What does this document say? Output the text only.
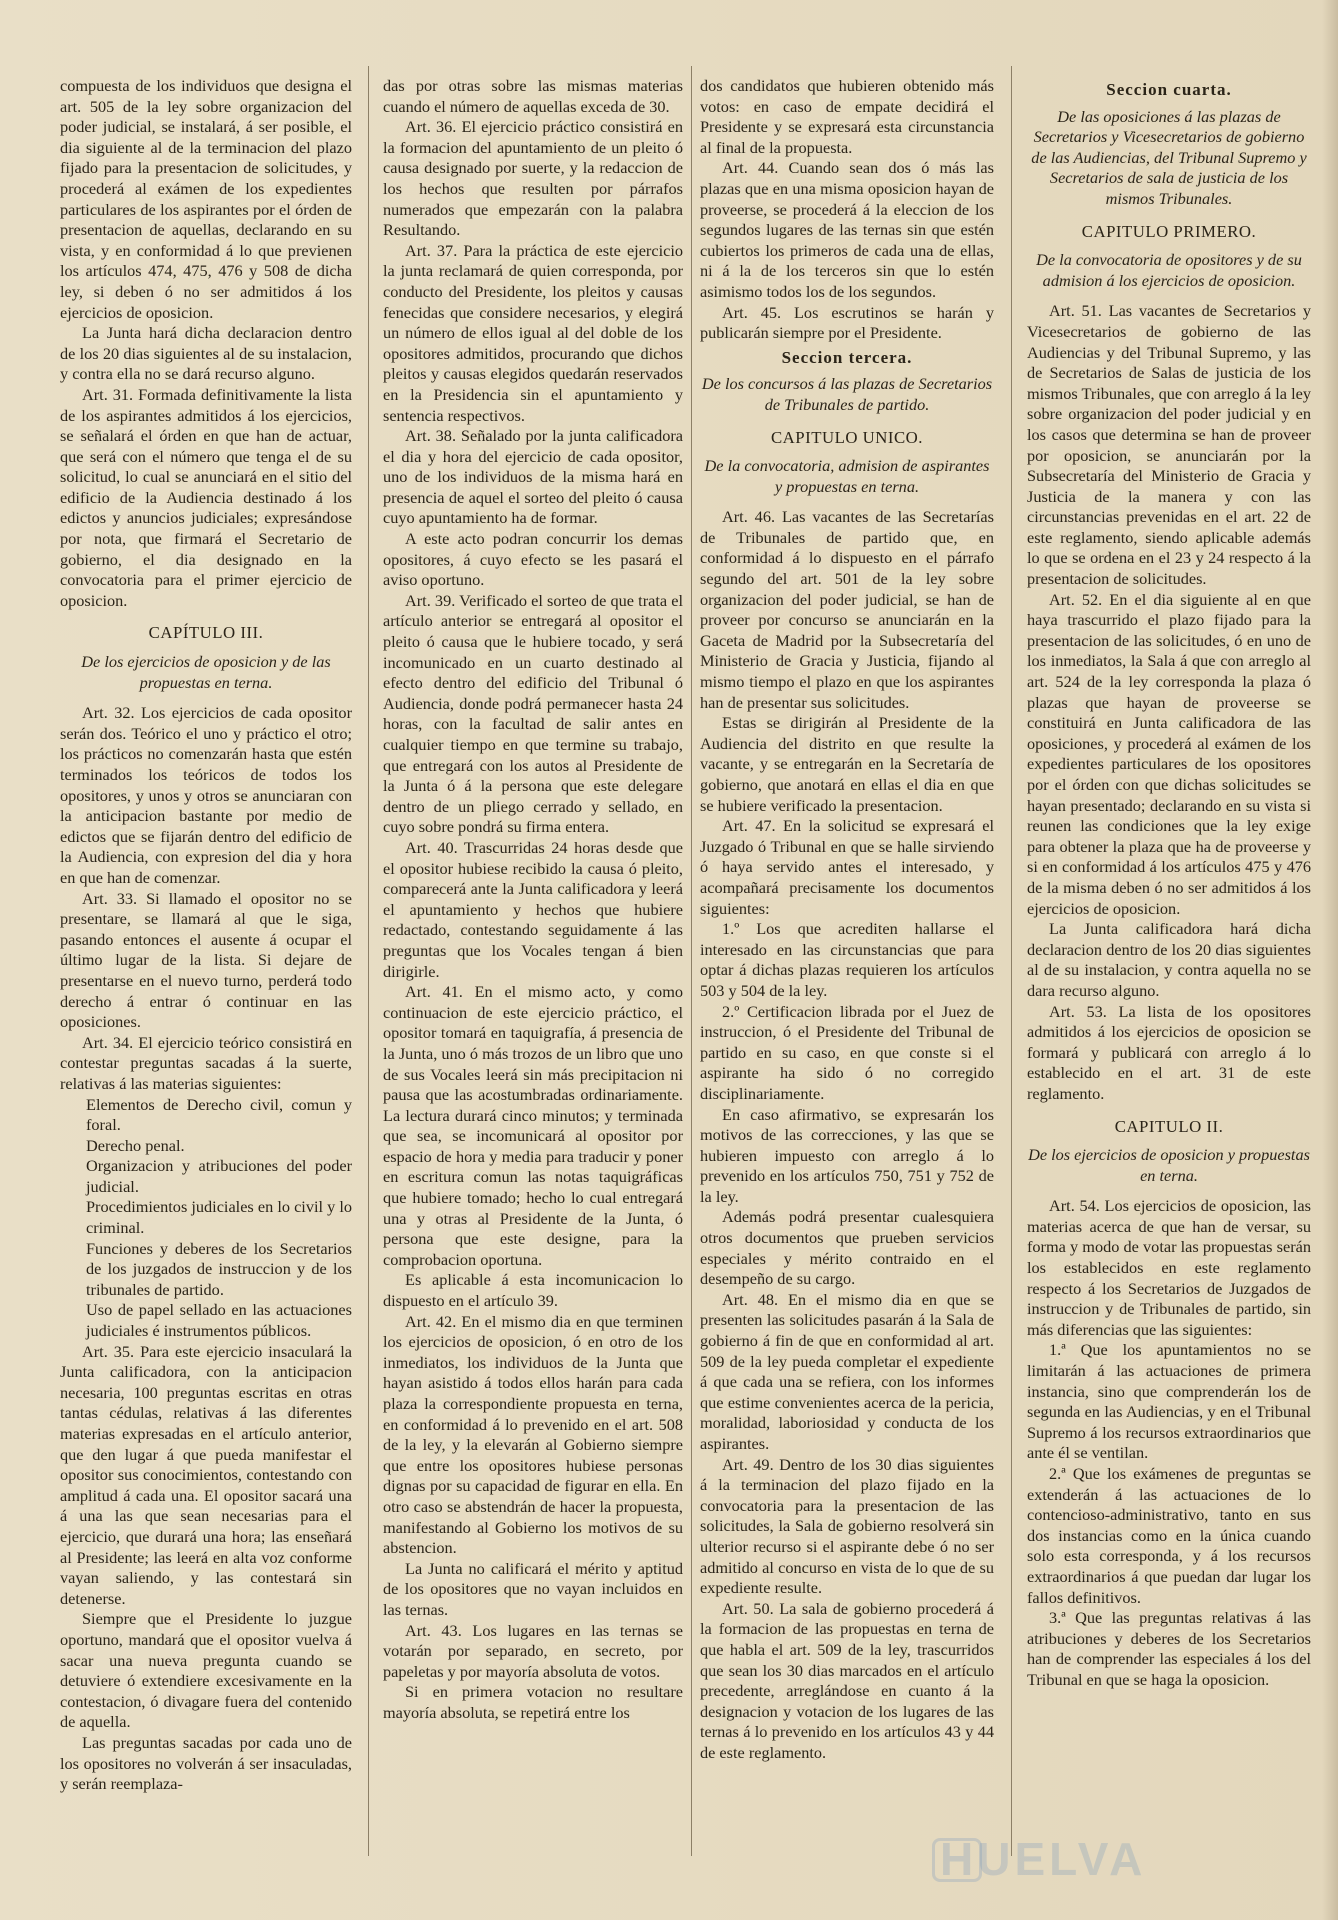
compuesta de los individuos que designa el art. 505 de la ley sobre organizacion del poder judicial, se instalará, á ser posible, el dia siguiente al de la terminacion del plazo fijado para la presentacion de solicitudes, y procederá al exámen de los expedientes particulares de los aspirantes por el órden de presentacion de aquellas, declarando en su vista, y en conformidad á lo que previenen los artículos 474, 475, 476 y 508 de dicha ley, si deben ó no ser admitidos á los ejercicios de oposicion.

La Junta hará dicha declaracion dentro de los 20 dias siguientes al de su instalacion, y contra ella no se dará recurso alguno.

Art. 31. Formada definitivamente la lista de los aspirantes admitidos á los ejercicios, se señalará el órden en que han de actuar, que será con el número que tenga el de su solicitud, lo cual se anunciará en el sitio del edificio de la Audiencia destinado á los edictos y anuncios judiciales; expresándose por nota, que firmará el Secretario de gobierno, el dia designado en la convocatoria para el primer ejercicio de oposicion.

CAPÍTULO III.
De los ejercicios de oposicion y de las propuestas en terna.

Art. 32. Los ejercicios de cada opositor serán dos. Teórico el uno y práctico el otro; los prácticos no comenzarán hasta que estén terminados los teóricos de todos los opositores, y unos y otros se anunciaran con la anticipacion bastante por medio de edictos que se fijarán dentro del edificio de la Audiencia, con expresion del dia y hora en que han de comenzar.

Art. 33. Si llamado el opositor no se presentare, se llamará al que le siga, pasando entonces el ausente á ocupar el último lugar de la lista. Si dejare de presentarse en el nuevo turno, perderá todo derecho á entrar ó continuar en las oposiciones.

Art. 34. El ejercicio teórico consistirá en contestar preguntas sacadas á la suerte, relativas á las materias siguientes:

Elementos de Derecho civil, comun y foral.

Derecho penal.

Organizacion y atribuciones del poder judicial.

Procedimientos judiciales en lo civil y lo criminal.

Funciones y deberes de los Secretarios de los juzgados de instruccion y de los tribunales de partido.

Uso de papel sellado en las actuaciones judiciales é instrumentos públicos.

Art. 35. Para este ejercicio insaculará la Junta calificadora, con la anticipacion necesaria, 100 preguntas escritas en otras tantas cédulas, relativas á las diferentes materias expresadas en el artículo anterior, que den lugar á que pueda manifestar el opositor sus conocimientos, contestando con amplitud á cada una. El opositor sacará una á una las que sean necesarias para el ejercicio, que durará una hora; las enseñará al Presidente; las leerá en alta voz conforme vayan saliendo, y las contestará sin detenerse.

Siempre que el Presidente lo juzgue oportuno, mandará que el opositor vuelva á sacar una nueva pregunta cuando se detuviere ó extendiere excesivamente en la contestacion, ó divagare fuera del contenido de aquella.

Las preguntas sacadas por cada uno de los opositores no volverán á ser insaculadas, y serán reemplaza-

das por otras sobre las mismas materias cuando el número de aquellas exceda de 30.

Art. 36. El ejercicio práctico consistirá en la formacion del apuntamiento de un pleito ó causa designado por suerte, y la redaccion de los hechos que resulten por párrafos numerados que empezarán con la palabra Resultando.

Art. 37. Para la práctica de este ejercicio la junta reclamará de quien corresponda, por conducto del Presidente, los pleitos y causas fenecidas que considere necesarios, y elegirá un número de ellos igual al del doble de los opositores admitidos, procurando que dichos pleitos y causas elegidos quedarán reservados en la Presidencia sin el apuntamiento y sentencia respectivos.

Art. 38. Señalado por la junta calificadora el dia y hora del ejercicio de cada opositor, uno de los individuos de la misma hará en presencia de aquel el sorteo del pleito ó causa cuyo apuntamiento ha de formar.

A este acto podran concurrir los demas opositores, á cuyo efecto se les pasará el aviso oportuno.

Art. 39. Verificado el sorteo de que trata el artículo anterior se entregará al opositor el pleito ó causa que le hubiere tocado, y será incomunicado en un cuarto destinado al efecto dentro del edificio del Tribunal ó Audiencia, donde podrá permanecer hasta 24 horas, con la facultad de salir antes en cualquier tiempo en que termine su trabajo, que entregará con los autos al Presidente de la Junta ó á la persona que este delegare dentro de un pliego cerrado y sellado, en cuyo sobre pondrá su firma entera.

Art. 40. Trascurridas 24 horas desde que el opositor hubiese recibido la causa ó pleito, comparecerá ante la Junta calificadora y leerá el apuntamiento y hechos que hubiere redactado, contestando seguidamente á las preguntas que los Vocales tengan á bien dirigirle.

Art. 41. En el mismo acto, y como continuacion de este ejercicio práctico, el opositor tomará en taquigrafía, á presencia de la Junta, uno ó más trozos de un libro que uno de sus Vocales leerá sin más precipitacion ni pausa que las acostumbradas ordinariamente. La lectura durará cinco minutos; y terminada que sea, se incomunicará al opositor por espacio de hora y media para traducir y poner en escritura comun las notas taquigráficas que hubiere tomado; hecho lo cual entregará una y otras al Presidente de la Junta, ó persona que este designe, para la comprobacion oportuna.

Es aplicable á esta incomunicacion lo dispuesto en el artículo 39.

Art. 42. En el mismo dia en que terminen los ejercicios de oposicion, ó en otro de los inmediatos, los individuos de la Junta que hayan asistido á todos ellos harán para cada plaza la correspondiente propuesta en terna, en conformidad á lo prevenido en el art. 508 de la ley, y la elevarán al Gobierno siempre que entre los opositores hubiese personas dignas por su capacidad de figurar en ella. En otro caso se abstendrán de hacer la propuesta, manifestando al Gobierno los motivos de su abstencion.

La Junta no calificará el mérito y aptitud de los opositores que no vayan incluidos en las ternas.

Art. 43. Los lugares en las ternas se votarán por separado, en secreto, por papeletas y por mayoría absoluta de votos.

Si en primera votacion no resultare mayoría absoluta, se repetirá entre los

dos candidatos que hubieren obtenido más votos: en caso de empate decidirá el Presidente y se expresará esta circunstancia al final de la propuesta.

Art. 44. Cuando sean dos ó más las plazas que en una misma oposicion hayan de proveerse, se procederá á la eleccion de los segundos lugares de las ternas sin que estén cubiertos los primeros de cada una de ellas, ni á la de los terceros sin que lo estén asimismo todos los de los segundos.

Art. 45. Los escrutinos se harán y publicarán siempre por el Presidente.

Seccion tercera.
De los concursos á las plazas de Secretarios de Tribunales de partido.
CAPITULO UNICO.
De la convocatoria, admision de aspirantes y propuestas en terna.

Art. 46. Las vacantes de las Secretarías de Tribunales de partido que, en conformidad á lo dispuesto en el párrafo segundo del art. 501 de la ley sobre organizacion del poder judicial, se han de proveer por concurso se anunciarán en la Gaceta de Madrid por la Subsecretaría del Ministerio de Gracia y Justicia, fijando al mismo tiempo el plazo en que los aspirantes han de presentar sus solicitudes.

Estas se dirigirán al Presidente de la Audiencia del distrito en que resulte la vacante, y se entregarán en la Secretaría de gobierno, que anotará en ellas el dia en que se hubiere verificado la presentacion.

Art. 47. En la solicitud se expresará el Juzgado ó Tribunal en que se halle sirviendo ó haya servido antes el interesado, y acompañará precisamente los documentos siguientes:

1.º Los que acrediten hallarse el interesado en las circunstancias que para optar á dichas plazas requieren los artículos 503 y 504 de la ley.

2.º Certificacion librada por el Juez de instruccion, ó el Presidente del Tribunal de partido en su caso, en que conste si el aspirante ha sido ó no corregido disciplinariamente.

En caso afirmativo, se expresarán los motivos de las correcciones, y las que se hubieren impuesto con arreglo á lo prevenido en los artículos 750, 751 y 752 de la ley.

Además podrá presentar cualesquiera otros documentos que prueben servicios especiales y mérito contraido en el desempeño de su cargo.

Art. 48. En el mismo dia en que se presenten las solicitudes pasarán á la Sala de gobierno á fin de que en conformidad al art. 509 de la ley pueda completar el expediente á que cada una se refiera, con los informes que estime convenientes acerca de la pericia, moralidad, laboriosidad y conducta de los aspirantes.

Art. 49. Dentro de los 30 dias siguientes á la terminacion del plazo fijado en la convocatoria para la presentacion de las solicitudes, la Sala de gobierno resolverá sin ulterior recurso si el aspirante debe ó no ser admitido al concurso en vista de lo que de su expediente resulte.

Art. 50. La sala de gobierno procederá á la formacion de las propuestas en terna de que habla el art. 509 de la ley, trascurridos que sean los 30 dias marcados en el artículo precedente, arreglándose en cuanto á la designacion y votacion de los lugares de las ternas á lo prevenido en los artículos 43 y 44 de este reglamento.

Seccion cuarta.
De las oposiciones á las plazas de Secretarios y Vicesecretarios de gobierno de las Audiencias, del Tribunal Supremo y Secretarios de sala de justicia de los mismos Tribunales.
CAPITULO PRIMERO.
De la convocatoria de opositores y de su admision á los ejercicios de oposicion.

Art. 51. Las vacantes de Secretarios y Vicesecretarios de gobierno de las Audiencias y del Tribunal Supremo, y las de Secretarios de Salas de justicia de los mismos Tribunales, que con arreglo á la ley sobre organizacion del poder judicial y en los casos que determina se han de proveer por oposicion, se anunciarán por la Subsecretaría del Ministerio de Gracia y Justicia de la manera y con las circunstancias prevenidas en el art. 22 de este reglamento, siendo aplicable además lo que se ordena en el 23 y 24 respecto á la presentacion de solicitudes.

Art. 52. En el dia siguiente al en que haya trascurrido el plazo fijado para la presentacion de las solicitudes, ó en uno de los inmediatos, la Sala á que con arreglo al art. 524 de la ley corresponda la plaza ó plazas que hayan de proveerse se constituirá en Junta calificadora de las oposiciones, y procederá al exámen de los expedientes particulares de los opositores por el órden con que dichas solicitudes se hayan presentado; declarando en su vista si reunen las condiciones que la ley exige para obtener la plaza que ha de proveerse y si en conformidad á los artículos 475 y 476 de la misma deben ó no ser admitidos á los ejercicios de oposicion.

La Junta calificadora hará dicha declaracion dentro de los 20 dias siguientes al de su instalacion, y contra aquella no se dara recurso alguno.

Art. 53. La lista de los opositores admitidos á los ejercicios de oposicion se formará y publicará con arreglo á lo establecido en el art. 31 de este reglamento.

CAPITULO II.
De los ejercicios de oposicion y propuestas en terna.

Art. 54. Los ejercicios de oposicion, las materias acerca de que han de versar, su forma y modo de votar las propuestas serán los establecidos en este reglamento respecto á los Secretarios de Juzgados de instruccion y de Tribunales de partido, sin más diferencias que las siguientes:

1.ª Que los apuntamientos no se limitarán á las actuaciones de primera instancia, sino que comprenderán los de segunda en las Audiencias, y en el Tribunal Supremo á los recursos extraordinarios que ante él se ventilan.

2.ª Que los exámenes de preguntas se extenderán á las actuaciones de lo contencioso-administrativo, tanto en sus dos instancias como en la única cuando solo esta corresponda, y á los recursos extraordinarios á que puedan dar lugar los fallos definitivos.

3.ª Que las preguntas relativas á las atribuciones y deberes de los Secretarios han de comprender las especiales á los del Tribunal en que se haga la oposicion.

HUELVA
